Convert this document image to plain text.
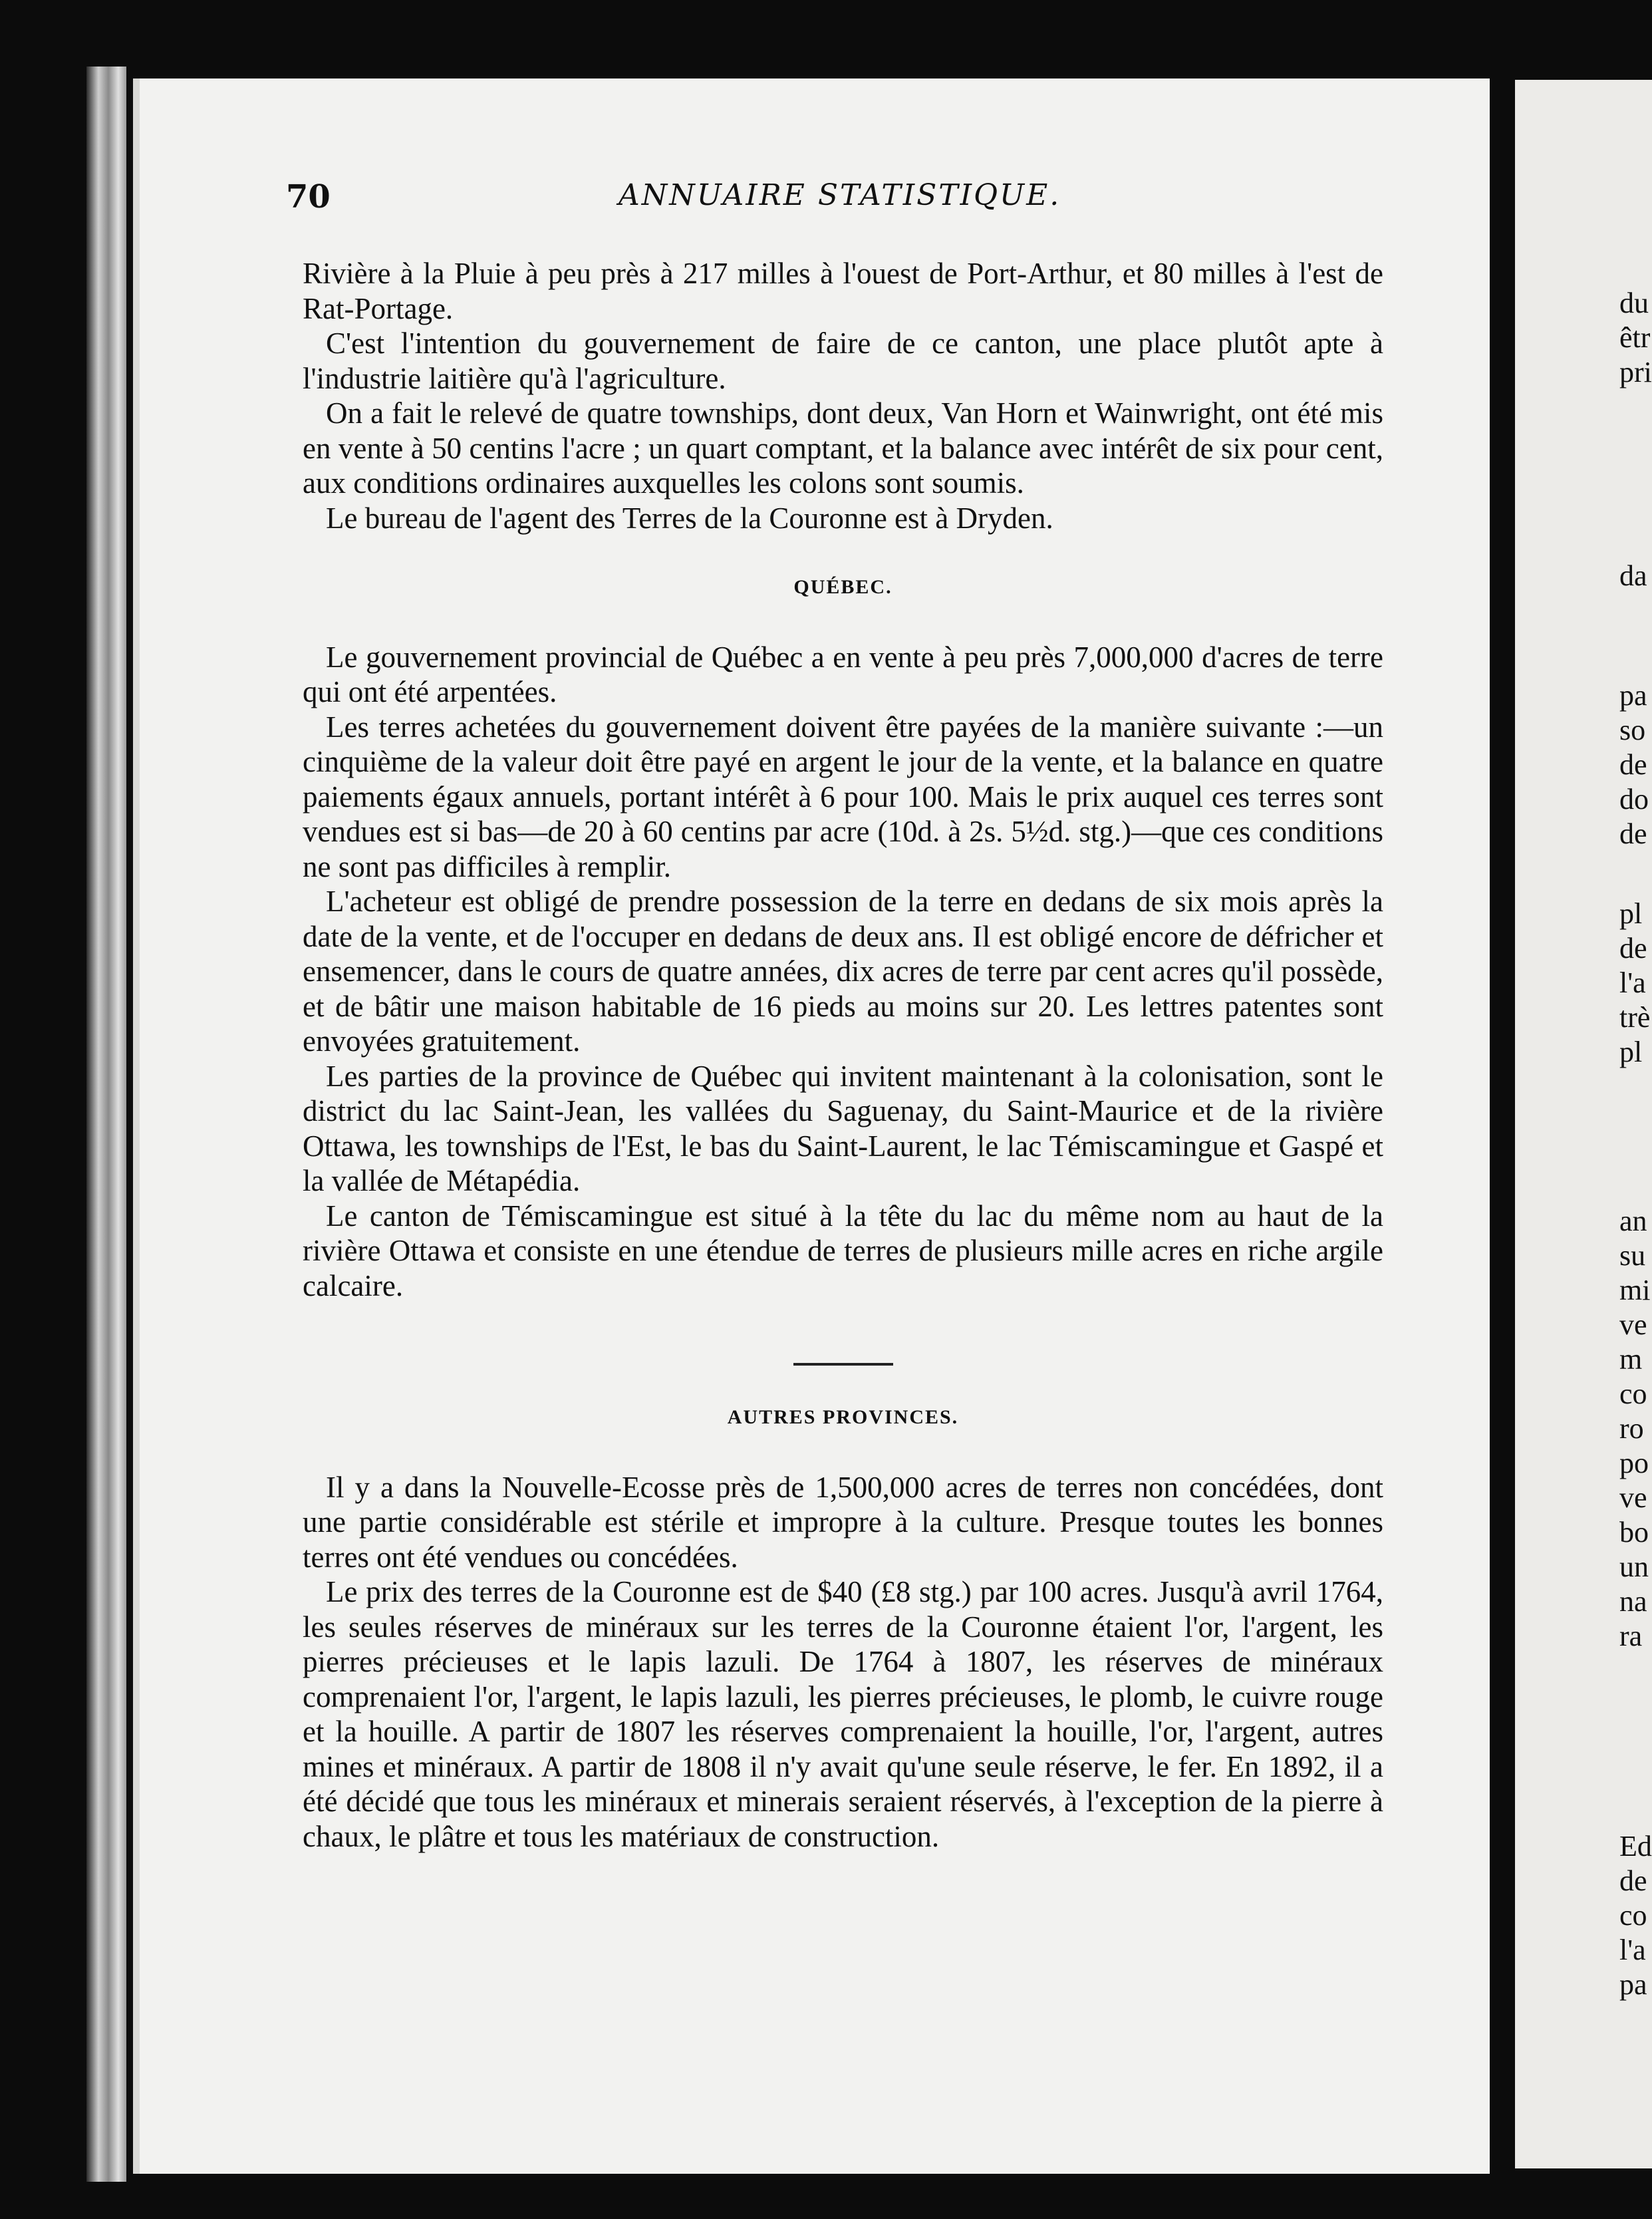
70	ANNUAIRE STATISTIQUE.

Rivière à la Pluie à peu près à 217 milles à l'ouest de Port-Arthur, et 80 milles à l'est de Rat-Portage.

C'est l'intention du gouvernement de faire de ce canton, une place plutôt apte à l'industrie laitière qu'à l'agriculture.

On a fait le relevé de quatre townships, dont deux, Van Horn et Wainwright, ont été mis en vente à 50 centins l'acre ; un quart comptant, et la balance avec intérêt de six pour cent, aux conditions ordinaires auxquelles les colons sont soumis.

Le bureau de l'agent des Terres de la Couronne est à Dryden.

QUÉBEC.

Le gouvernement provincial de Québec a en vente à peu près 7,000,000 d'acres de terre qui ont été arpentées.

Les terres achetées du gouvernement doivent être payées de la manière suivante :—un cinquième de la valeur doit être payé en argent le jour de la vente, et la balance en quatre paiements égaux annuels, portant intérêt à 6 pour 100. Mais le prix auquel ces terres sont vendues est si bas—de 20 à 60 centins par acre (10d. à 2s. 5½d. stg.)—que ces conditions ne sont pas difficiles à remplir.

L'acheteur est obligé de prendre possession de la terre en dedans de six mois après la date de la vente, et de l'occuper en dedans de deux ans. Il est obligé encore de défricher et ensemencer, dans le cours de quatre années, dix acres de terre par cent acres qu'il possède, et de bâtir une maison habitable de 16 pieds au moins sur 20. Les lettres patentes sont envoyées gratuitement.

Les parties de la province de Québec qui invitent maintenant à la colonisation, sont le district du lac Saint-Jean, les vallées du Saguenay, du Saint-Maurice et de la rivière Ottawa, les townships de l'Est, le bas du Saint-Laurent, le lac Témiscamingue et Gaspé et la vallée de Métapédia.

Le canton de Témiscamingue est situé à la tête du lac du même nom au haut de la rivière Ottawa et consiste en une étendue de terres de plusieurs mille acres en riche argile calcaire.

AUTRES PROVINCES.

Il y a dans la Nouvelle-Ecosse près de 1,500,000 acres de terres non concédées, dont une partie considérable est stérile et impropre à la culture. Presque toutes les bonnes terres ont été vendues ou concédées.

Le prix des terres de la Couronne est de $40 (£8 stg.) par 100 acres. Jusqu'à avril 1764, les seules réserves de minéraux sur les terres de la Couronne étaient l'or, l'argent, les pierres précieuses et le lapis lazuli. De 1764 à 1807, les réserves de minéraux comprenaient l'or, l'argent, le lapis lazuli, les pierres précieuses, le plomb, le cuivre rouge et la houille. A partir de 1807 les réserves comprenaient la houille, l'or, l'argent, autres mines et minéraux. A partir de 1808 il n'y avait qu'une seule réserve, le fer. En 1892, il a été décidé que tous les minéraux et minerais seraient réservés, à l'exception de la pierre à chaux, le plâtre et tous les matériaux de construction.

du
êtr
pri
da
pa
so
de
do
de
pl
de
l'a
trè
pl
an
su
mi
ve
m
co
ro
po
ve
bo
un
na
ra
Ed
de
co
l'a
pa
